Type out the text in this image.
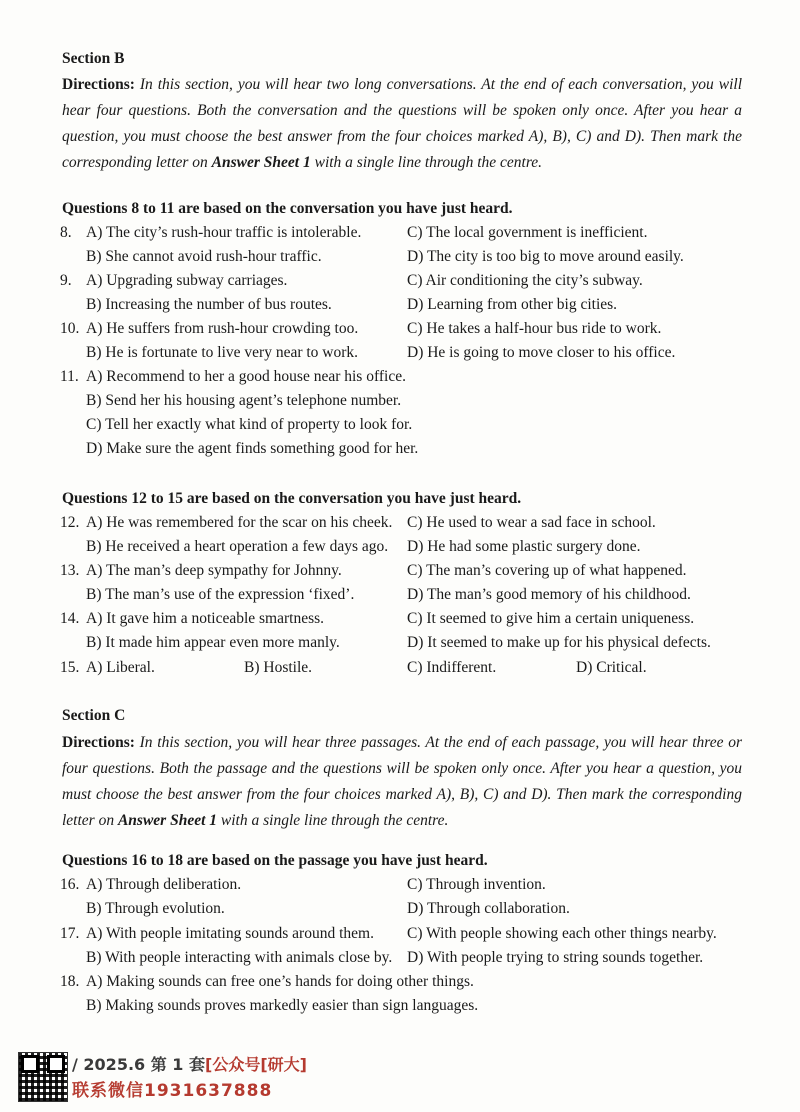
Section B
Directions: In this section, you will hear two long conversations. At the end of each conversation, you will hear four questions. Both the conversation and the questions will be spoken only once. After you hear a question, you must choose the best answer from the four choices marked A), B), C) and D). Then mark the corresponding letter on Answer Sheet 1 with a single line through the centre.
Questions 8 to 11 are based on the conversation you have just heard.
8. A) The city’s rush-hour traffic is intolerable.	C) The local government is inefficient.
B) She cannot avoid rush-hour traffic.	D) The city is too big to move around easily.
9. A) Upgrading subway carriages.	C) Air conditioning the city’s subway.
B) Increasing the number of bus routes.	D) Learning from other big cities.
10. A) He suffers from rush-hour crowding too.	C) He takes a half-hour bus ride to work.
B) He is fortunate to live very near to work.	D) He is going to move closer to his office.
11. A) Recommend to her a good house near his office.
B) Send her his housing agent’s telephone number.
C) Tell her exactly what kind of property to look for.
D) Make sure the agent finds something good for her.
Questions 12 to 15 are based on the conversation you have just heard.
12. A) He was remembered for the scar on his cheek. C) He used to wear a sad face in school.
B) He received a heart operation a few days ago. D) He had some plastic surgery done.
13. A) The man’s deep sympathy for Johnny.	C) The man’s covering up of what happened.
B) The man’s use of the expression ‘fixed’.	D) The man’s good memory of his childhood.
14. A) It gave him a noticeable smartness.	C) It seemed to give him a certain uniqueness.
B) It made him appear even more manly.	D) It seemed to make up for his physical defects.
15. A) Liberal.	B) Hostile.	C) Indifferent.	D) Critical.
Section C
Directions: In this section, you will hear three passages. At the end of each passage, you will hear three or four questions. Both the passage and the questions will be spoken only once. After you hear a question, you must choose the best answer from the four choices marked A), B), C) and D). Then mark the corresponding letter on Answer Sheet 1 with a single line through the centre.
Questions 16 to 18 are based on the passage you have just heard.
16. A) Through deliberation.	C) Through invention.
B) Through evolution.	D) Through collaboration.
17. A) With people imitating sounds around them. C) With people showing each other things nearby.
B) With people interacting with animals close by. D) With people trying to string sounds together.
18. A) Making sounds can free one’s hands for doing other things.
B) Making sounds proves markedly easier than sign languages.
/ 2025.6 第 1 套[公众号[研大]
联系微信1931637888
